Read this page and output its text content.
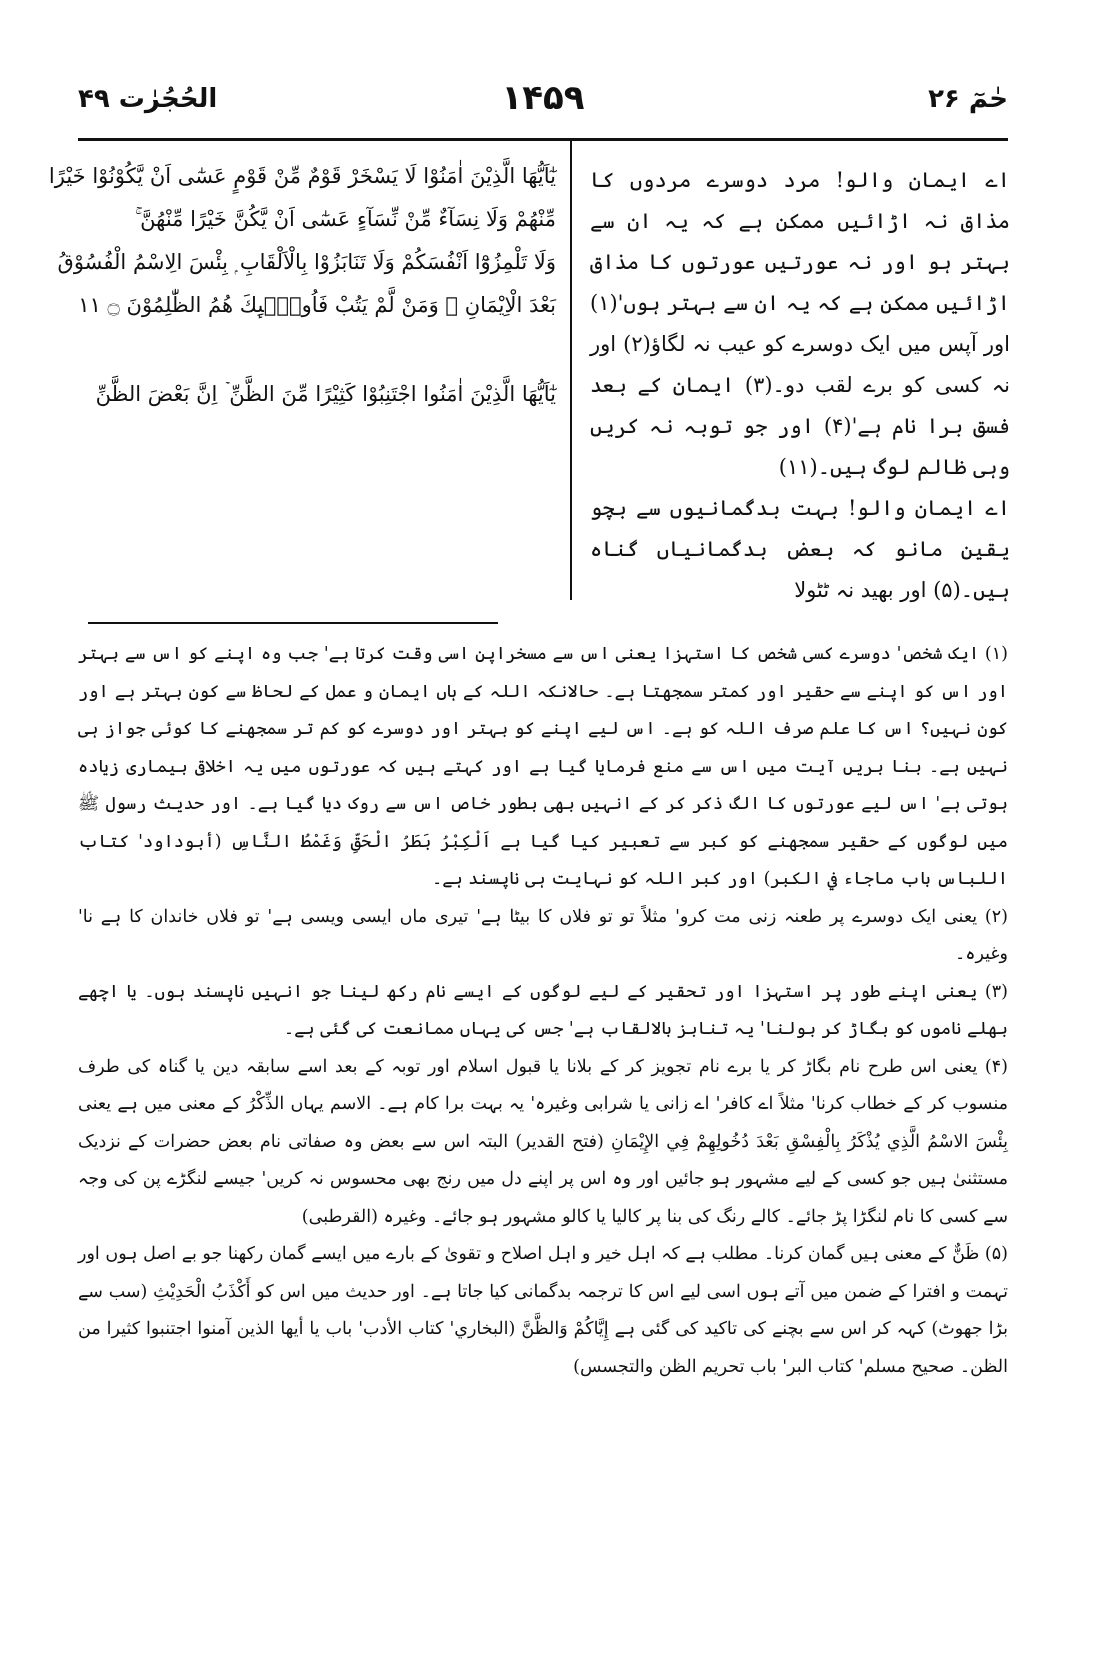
الحُجُرٰت ۴۹	۱۴۵۹	حٰمٓ ۲۶

يٰٓاَيُّهَا الَّذِيْنَ اٰمَنُوْا لَا يَسْخَرْ قَوْمٌ مِّنْ قَوْمٍ عَسٰٓى اَنْ يَّكُوْنُوْا خَيْرًا

مِّنْهُمْ وَلَا نِسَآءٌ مِّنْ نِّسَآءٍ عَسٰٓى اَنْ يَّكُنَّ خَيْرًا مِّنْهُنَّ ۚ

وَلَا تَلْمِزُوْٓا اَنْفُسَكُمْ وَلَا تَنَابَزُوْا بِالْاَلْقَابِ ۭ بِئْسَ الِاسْمُ الْفُسُوْقُ

بَعْدَ الْاِيْمَانِ ۚ وَمَنْ لَّمْ يَتُبْ فَاُولٰۗىِٕكَ هُمُ الظّٰلِمُوْنَ ۝ ۱۱

يٰٓاَيُّهَا الَّذِيْنَ اٰمَنُوا اجْتَنِبُوْا كَثِيْرًا مِّنَ الظَّنِّ ۡ اِنَّ بَعْضَ الظَّنِّ

اے ایمان والو! مرد دوسرے مردوں کا مذاق نہ اڑائیں ممکن ہے کہ یہ ان سے بہتر ہو اور نہ عورتیں عورتوں کا مذاق اڑائیں ممکن ہے کہ یہ ان سے بہتر ہوں'(۱) اور آپس میں ایک دوسرے کو عیب نہ لگاؤ(۲) اور نہ کسی کو برے لقب دو۔(۳) ایمان کے بعد فسق برا نام ہے'(۴) اور جو توبہ نہ کریں وہی ظالم لوگ ہیں۔(۱۱)

اے ایمان والو! بہت بدگمانیوں سے بچو یقین مانو کہ بعض بدگمانیاں گناہ ہیں۔(۵) اور بھید نہ ٹٹولا

(۱) ایک شخص' دوسرے کسی شخص کا استہزا یعنی اس سے مسخراپن اسی وقت کرتا ہے' جب وہ اپنے کو اس سے بہتر اور اس کو اپنے سے حقیر اور کمتر سمجھتا ہے۔ حالانکہ اللہ کے ہاں ایمان و عمل کے لحاظ سے کون بہتر ہے اور کون نہیں؟ اس کا علم صرف اللہ کو ہے۔ اس لیے اپنے کو بہتر اور دوسرے کو کم تر سمجھنے کا کوئی جواز ہی نہیں ہے۔ بنا بریں آیت میں اس سے منع فرمایا گیا ہے اور کہتے ہیں کہ عورتوں میں یہ اخلاقی بیماری زیادہ ہوتی ہے' اس لیے عورتوں کا الگ ذکر کر کے انہیں بھی بطور خاص اس سے روک دیا گیا ہے۔ اور حدیث رسول ﷺ میں لوگوں کے حقیر سمجھنے کو کبر سے تعبیر کیا گیا ہے اَلْكِبْرُ بَطَرُ الْحَقِّ وَغَمْطُ النَّاسِ (أبوداود' كتاب اللباس باب ماجاء في الكبر) اور کبر اللہ کو نہایت ہی ناپسند ہے۔

(۲) یعنی ایک دوسرے پر طعنہ زنی مت کرو' مثلاً تو تو فلاں کا بیٹا ہے' تیری ماں ایسی ویسی ہے' تو فلاں خاندان کا ہے نا' وغیرہ۔

(۳) یعنی اپنے طور پر استہزا اور تحقیر کے لیے لوگوں کے ایسے نام رکھ لینا جو انہیں ناپسند ہوں۔ یا اچھے بھلے ناموں کو بگاڑ کر بولنا' یہ تنابز بالالقاب ہے' جس کی یہاں ممانعت کی گئی ہے۔

(۴) یعنی اس طرح نام بگاڑ کر یا برے نام تجویز کر کے بلانا یا قبول اسلام اور توبہ کے بعد اسے سابقہ دین یا گناہ کی طرف منسوب کر کے خطاب کرنا' مثلاً اے کافر' اے زانی یا شرابی وغیرہ' یہ بہت برا کام ہے۔ الاسم یہاں الذِّكْرُ کے معنی میں ہے یعنی بِئْسَ الاسْمُ الَّذِي يُذْكَرُ بِالْفِسْقِ بَعْدَ دُخُولِهِمْ فِي الإِيْمَانِ (فتح القدير) البتہ اس سے بعض وہ صفاتی نام بعض حضرات کے نزدیک مستثنیٰ ہیں جو کسی کے لیے مشہور ہو جائیں اور وہ اس پر اپنے دل میں رنج بھی محسوس نہ کریں' جیسے لنگڑے پن کی وجہ سے کسی کا نام لنگڑا پڑ جائے۔ کالے رنگ کی بنا پر کالیا یا کالو مشہور ہو جائے۔ وغیرہ (القرطبی)

(۵) ظَنٌّ کے معنی ہیں گمان کرنا۔ مطلب ہے کہ اہل خیر و اہل اصلاح و تقویٰ کے بارے میں ایسے گمان رکھنا جو بے اصل ہوں اور تہمت و افترا کے ضمن میں آتے ہوں اسی لیے اس کا ترجمہ بدگمانی کیا جاتا ہے۔ اور حدیث میں اس کو أَكْذَبُ الْحَدِيْثِ (سب سے بڑا جھوٹ) کہہ کر اس سے بچنے کی تاکید کی گئی ہے إِيَّاكُمْ وَالظَّنَّ (البخاري' كتاب الأدب' باب يا أيها الذين آمنوا اجتنبوا كثيرا من الظن۔ صحيح مسلم' كتاب البر' باب تحريم الظن والتجسس)
